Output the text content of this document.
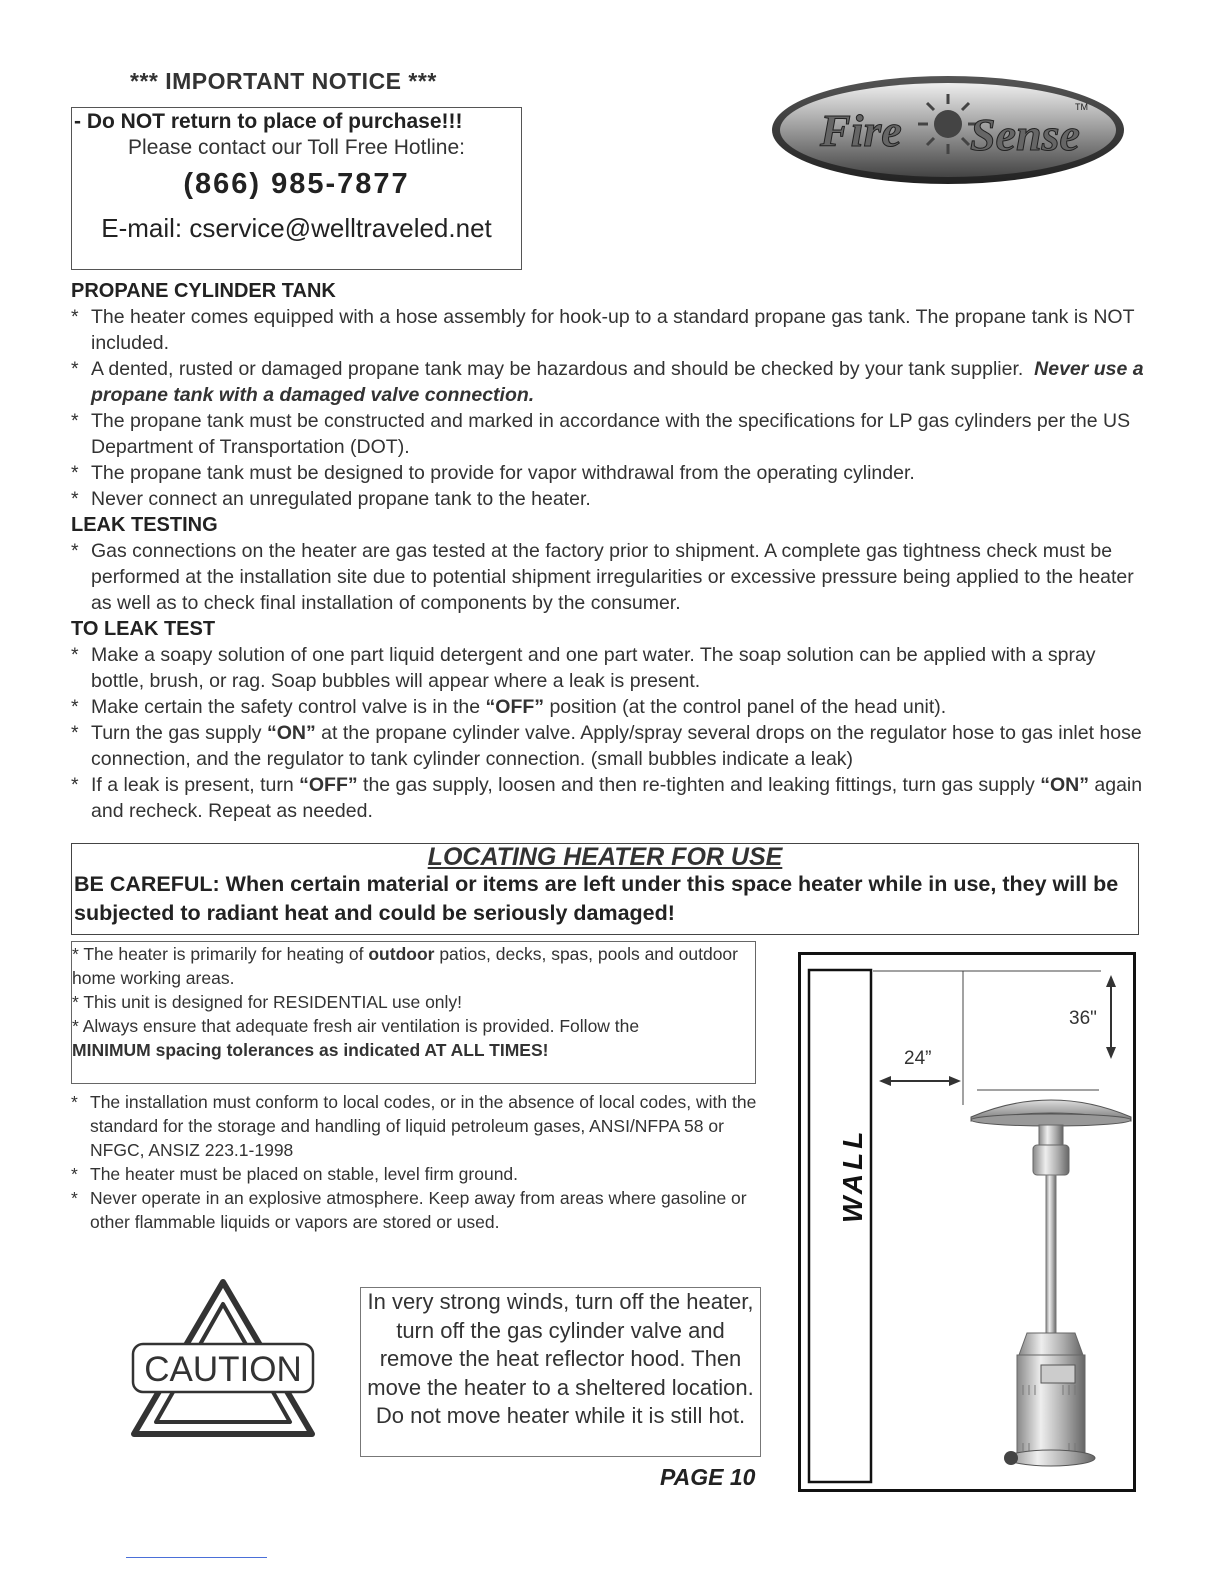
*** IMPORTANT NOTICE ***
- Do NOT return to place of purchase!!!
Please contact our Toll Free Hotline:
(866) 985-7877
E-mail: cservice@welltraveled.net
Fire Sense
TM
PROPANE CYLINDER TANK
* The heater comes equipped with a hose assembly for hook-up to a standard propane gas tank. The propane tank is NOT included.
* A dented, rusted or damaged propane tank may be hazardous and should be checked by your tank supplier. Never use a propane tank with a damaged valve connection.
* The propane tank must be constructed and marked in accordance with the specifications for LP gas cylinders per the US Department of Transportation (DOT).
* The propane tank must be designed to provide for vapor withdrawal from the operating cylinder.
* Never connect an unregulated propane tank to the heater.
LEAK TESTING
* Gas connections on the heater are gas tested at the factory prior to shipment. A complete gas tightness check must be performed at the installation site due to potential shipment irregularities or excessive pressure being applied to the heater as well as to check final installation of components by the consumer.
TO LEAK TEST
* Make a soapy solution of one part liquid detergent and one part water. The soap solution can be applied with a spray bottle, brush, or rag. Soap bubbles will appear where a leak is present.
* Make certain the safety control valve is in the “OFF” position (at the control panel of the head unit).
* Turn the gas supply “ON” at the propane cylinder valve. Apply/spray several drops on the regulator hose to gas inlet hose connection, and the regulator to tank cylinder connection. (small bubbles indicate a leak)
* If a leak is present, turn “OFF” the gas supply, loosen and then re-tighten and leaking fittings, turn gas supply “ON” again and recheck. Repeat as needed.
LOCATING HEATER FOR USE
BE CAREFUL: When certain material or items are left under this space heater while in use, they will be subjected to radiant heat and could be seriously damaged!

* The heater is primarily for heating of outdoor patios, decks, spas, pools and outdoor home working areas.

* This unit is designed for RESIDENTIAL use only!

* Always ensure that adequate fresh air ventilation is provided. Follow the

MINIMUM spacing tolerances as indicated AT ALL TIMES!

* The installation must conform to local codes, or in the absence of local codes, with the standard for the storage and handling of liquid petroleum gases, ANSI/NFPA 58 or NFGC, ANSIZ 223.1-1998
* The heater must be placed on stable, level firm ground.
* Never operate in an explosive atmosphere. Keep away from areas where gasoline or other flammable liquids or vapors are stored or used.
CAUTION
In very strong winds, turn off the heater, turn off the gas cylinder valve and remove the heat reflector hood. Then move the heater to a sheltered location. Do not move heater while it is still hot.
PAGE 10
WALL
24”
36"
